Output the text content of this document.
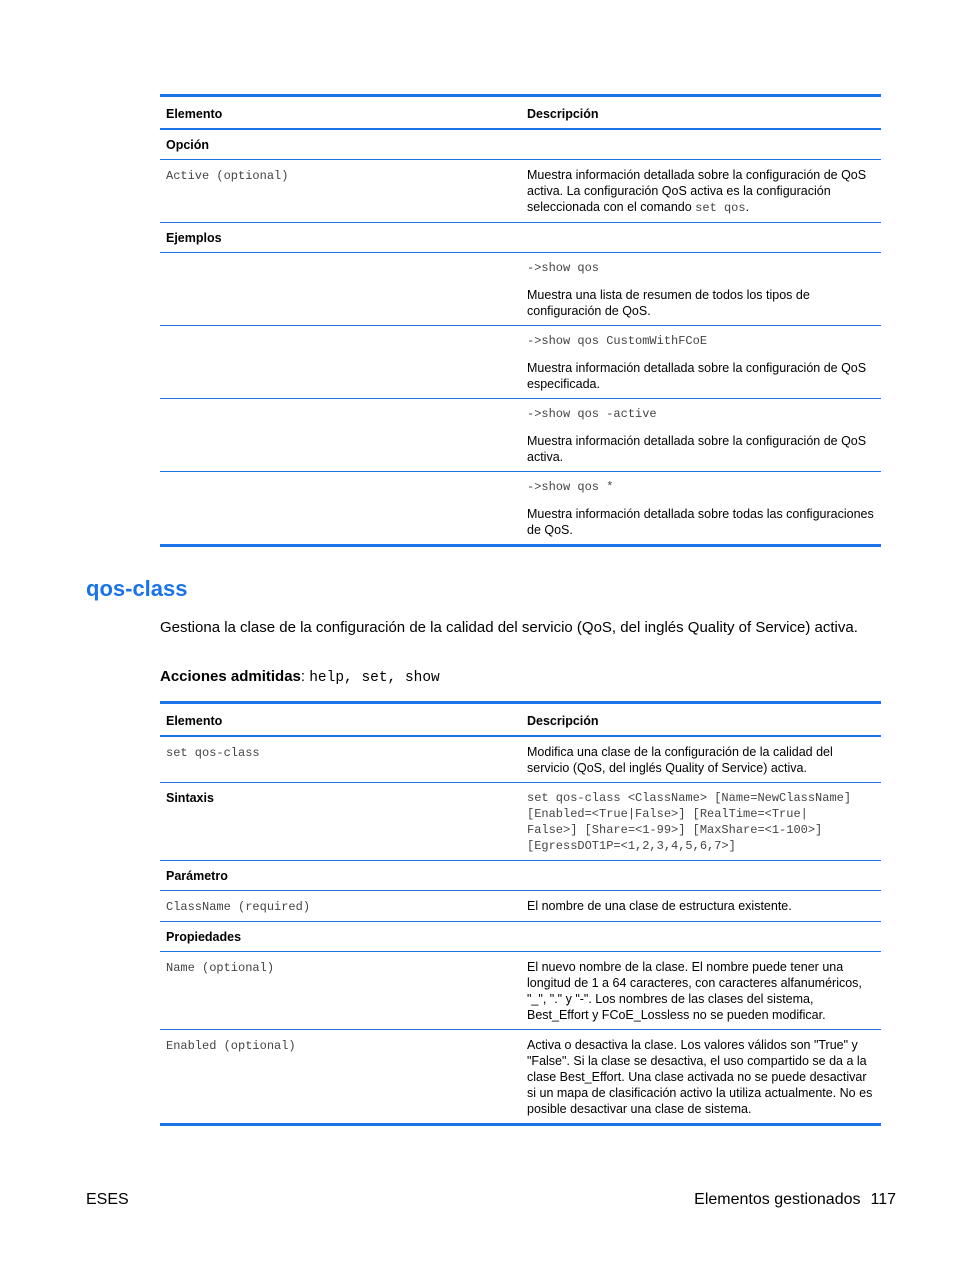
Elemento	Descripción
Opción	
Active (optional)	Muestra información detallada sobre la configuración de QoS activa. La configuración QoS activa es la configuración seleccionada con el comando set qos.
Ejemplos	

	->show qos
Muestra una lista de resumen de todos los tipos de configuración de QoS.

	->show qos CustomWithFCoE
Muestra información detallada sobre la configuración de QoS especificada.

	->show qos -active
Muestra información detallada sobre la configuración de QoS activa.

	->show qos *
Muestra información detallada sobre todas las configuraciones de QoS.
qos-class

Gestiona la clase de la configuración de la calidad del servicio (QoS, del inglés Quality of Service) activa.

Acciones admitidas: help, set, show

Elemento	Descripción
set qos-class	Modifica una clase de la configuración de la calidad del servicio (QoS, del inglés Quality of Service) activa.
Sintaxis	set qos-class <ClassName> [Name=NewClassName]
[Enabled=<True|False>] [RealTime=<True|
False>] [Share=<1-99>] [MaxShare=<1-100>]
[EgressDOT1P=<1,2,3,4,5,6,7>]

Parámetro	
ClassName (required)	El nombre de una clase de estructura existente.
Propiedades	
Name (optional)	El nuevo nombre de la clase. El nombre puede tener una longitud de 1 a 64 caracteres, con caracteres alfanuméricos, "_", "." y "-". Los nombres de las clases del sistema, Best_Effort y FCoE_Lossless no se pueden modificar.
Enabled (optional)	Activa o desactiva la clase. Los valores válidos son "True" y "False". Si la clase se desactiva, el uso compartido se da a la clase Best_Effort. Una clase activada no se puede desactivar si un mapa de clasificación activo la utiliza actualmente. No es posible desactivar una clase de sistema.
ESES	Elementos gestionados 117
